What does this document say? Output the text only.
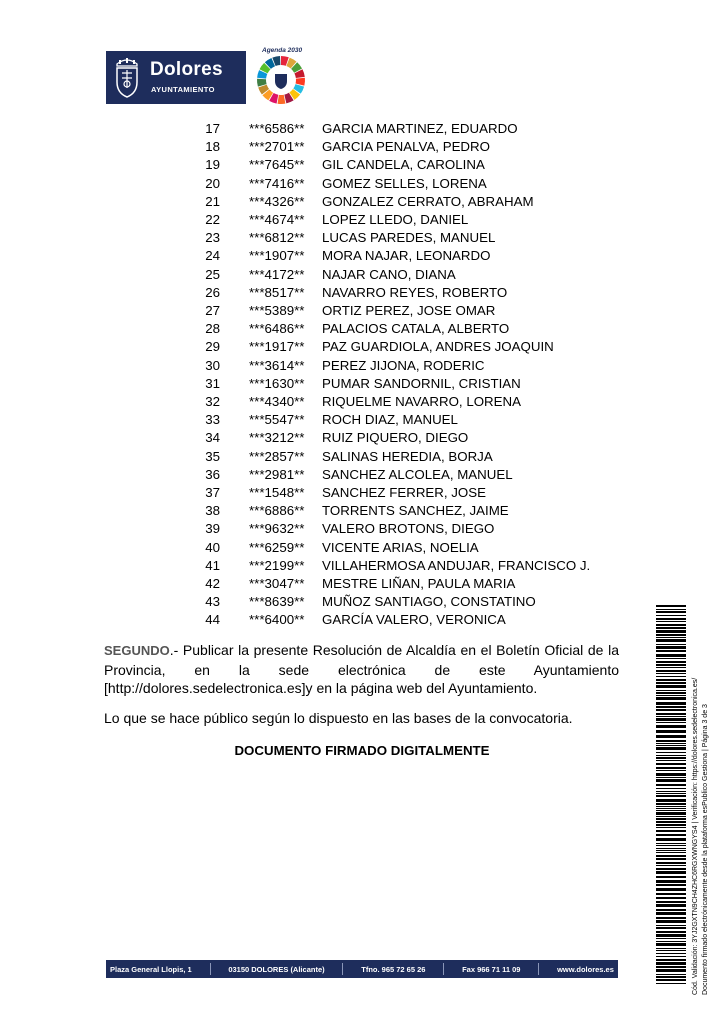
Dolores
AYUNTAMIENTO
Agenda 2030
17 ***6586** GARCIA MARTINEZ, EDUARDO
18 ***2701** GARCIA PENALVA, PEDRO
19 ***7645** GIL CANDELA, CAROLINA
20 ***7416** GOMEZ SELLES, LORENA
21 ***4326** GONZALEZ CERRATO, ABRAHAM
22 ***4674** LOPEZ LLEDO, DANIEL
23 ***6812** LUCAS PAREDES, MANUEL
24 ***1907** MORA NAJAR, LEONARDO
25 ***4172** NAJAR CANO, DIANA
26 ***8517** NAVARRO REYES, ROBERTO
27 ***5389** ORTIZ PEREZ, JOSE OMAR
28 ***6486** PALACIOS CATALA, ALBERTO
29 ***1917** PAZ GUARDIOLA, ANDRES JOAQUIN
30 ***3614** PEREZ JIJONA, RODERIC
31 ***1630** PUMAR SANDORNIL, CRISTIAN
32 ***4340** RIQUELME NAVARRO, LORENA
33 ***5547** ROCH DIAZ, MANUEL
34 ***3212** RUIZ PIQUERO, DIEGO
35 ***2857** SALINAS HEREDIA, BORJA
36 ***2981** SANCHEZ ALCOLEA, MANUEL
37 ***1548** SANCHEZ FERRER, JOSE
38 ***6886** TORRENTS SANCHEZ, JAIME
39 ***9632** VALERO BROTONS, DIEGO
40 ***6259** VICENTE ARIAS, NOELIA
41 ***2199** VILLAHERMOSA ANDUJAR, FRANCISCO J.
42 ***3047** MESTRE LIÑAN, PAULA MARIA
43 ***8639** MUÑOZ SANTIAGO, CONSTATINO
44 ***6400** GARCÍA VALERO, VERONICA
SEGUNDO.- Publicar la presente Resolución de Alcaldía en el Boletín Oficial de la Provincia, en la sede electrónica de este Ayuntamiento [http://dolores.sedelectronica.es]y en la página web del Ayuntamiento.
Lo que se hace público según lo dispuesto en las bases de la convocatoria.
DOCUMENTO FIRMADO DIGITALMENTE
Plaza General Llopis, 1	03150 DOLORES (Alicante)	Tfno. 965 72 65 26	Fax 966 71 11 09	www.dolores.es	Cód. Validación: 3YJ2GXTN9CH4ZHC6RGXWNGYS4 | Verificación: https://dolores.sedelectronica.es/ Documento firmado electrónicamente desde la plataforma esPublico Gestiona | Página 3 de 3
